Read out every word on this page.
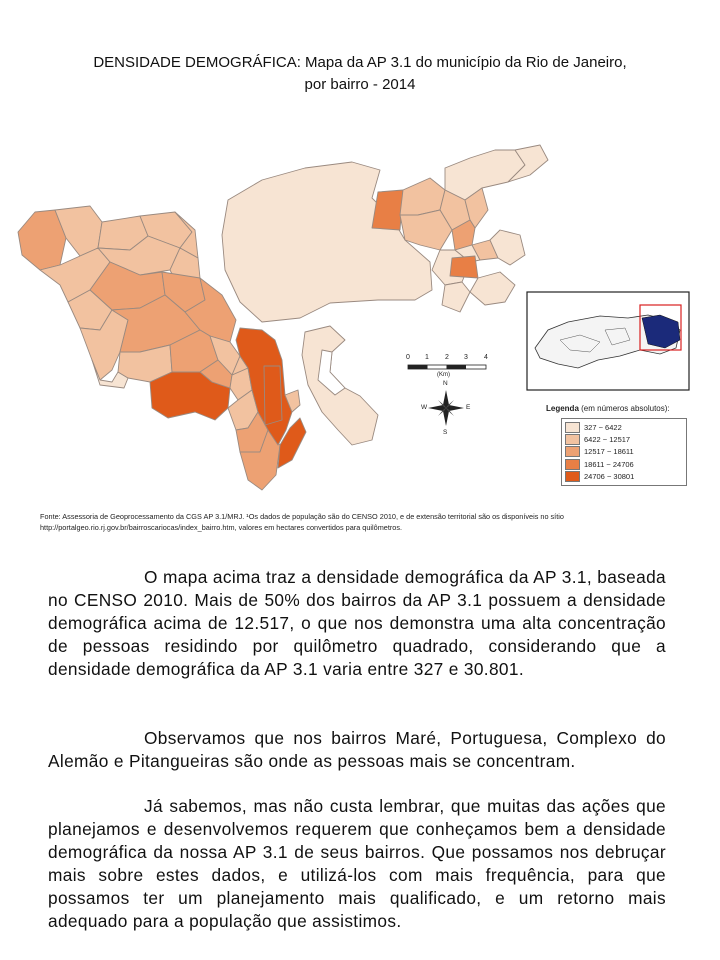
DENSIDADE DEMOGRÁFICA: Mapa da AP 3.1 do município da Rio de Janeiro,
por bairro - 2014
0 1 2 3 4
(Km)
N
S
E
W	Legenda (em números absolutos):
327 ~ 6422
6422 ~ 12517
12517 ~ 18611
18611 ~ 24706
24706 ~ 30801
Fonte: Assessoria de Geoprocessamento da CGS AP 3.1/MRJ. ¹Os dados de população são do CENSO 2010, e de extensão territorial são os disponíveis no sítio
http://portalgeo.rio.rj.gov.br/bairroscariocas/index_bairro.htm, valores em hectares convertidos para quilômetros.
O mapa acima traz a densidade demográfica da AP 3.1, baseada no CENSO 2010. Mais de 50% dos bairros da AP 3.1 possuem a densidade demográfica acima de 12.517, o que nos demonstra uma alta concentração de pessoas residindo por quilômetro quadrado, considerando que a densidade demográfica da AP 3.1 varia entre 327 e 30.801.
Observamos que nos bairros Maré, Portuguesa, Complexo do Alemão e Pitangueiras são onde as pessoas mais se concentram.
Já sabemos, mas não custa lembrar, que muitas das ações que planejamos e desenvolvemos requerem que conheçamos bem a densidade demográfica da nossa AP 3.1 de seus bairros. Que possamos nos debruçar mais sobre estes dados, e utilizá-los com mais frequência, para que possamos ter um planejamento mais qualificado, e um retorno mais adequado para a população que assistimos.
